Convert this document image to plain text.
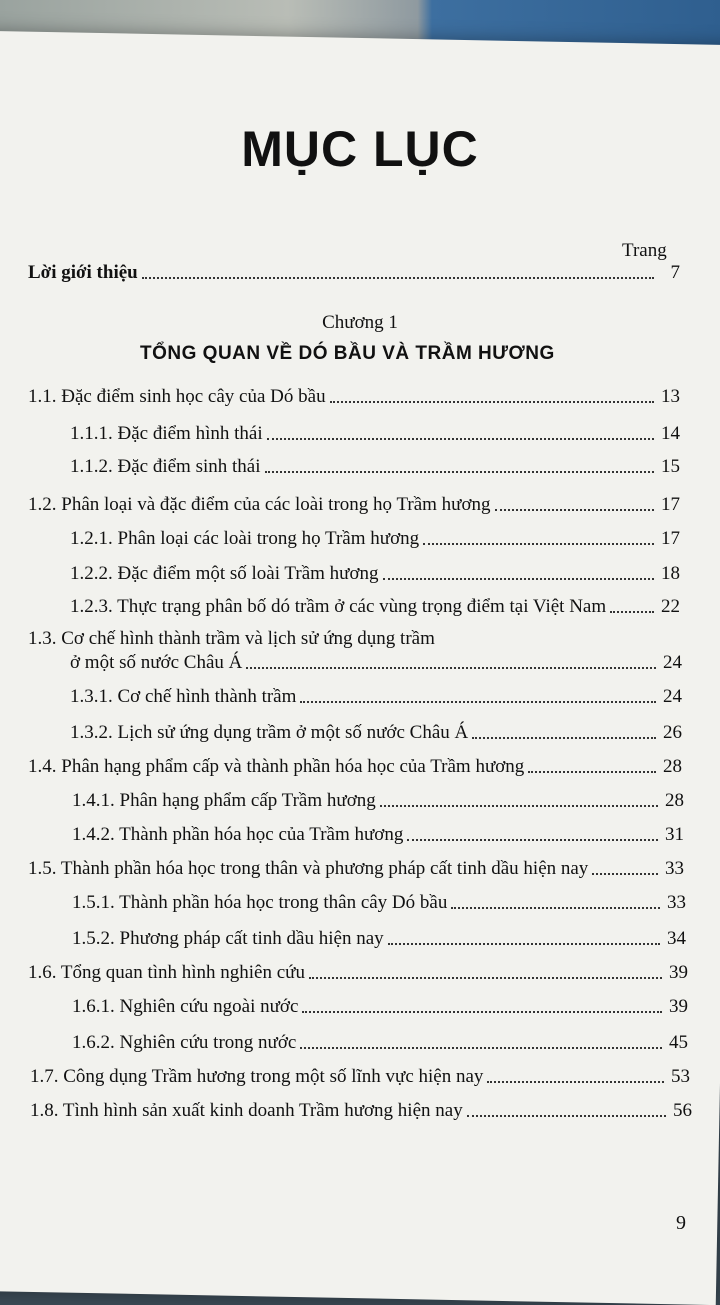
MỤC LỤC
Trang
Lời giới thiệu	7
Chương 1
TỔNG QUAN VỀ DÓ BẦU VÀ TRẦM HƯƠNG
1.1. Đặc điểm sinh học cây của Dó bầu	13
1.1.1. Đặc điểm hình thái	14
1.1.2. Đặc điểm sinh thái	15
1.2. Phân loại và đặc điểm của các loài trong họ Trầm hương	17
1.2.1. Phân loại các loài trong họ Trầm hương	17
1.2.2. Đặc điểm một số loài Trầm hương	18
1.2.3. Thực trạng phân bố dó trầm ở các vùng trọng điểm tại Việt Nam	22
1.3. Cơ chế hình thành trầm và lịch sử ứng dụng trầm
ở một số nước Châu Á	24
1.3.1. Cơ chế hình thành trầm	24
1.3.2. Lịch sử ứng dụng trầm ở một số nước Châu Á	26
1.4. Phân hạng phẩm cấp và thành phần hóa học của Trầm hương	28
1.4.1. Phân hạng phẩm cấp Trầm hương	28
1.4.2. Thành phần hóa học của Trầm hương	31
1.5. Thành phần hóa học trong thân và phương pháp cất tinh dầu hiện nay	33
1.5.1. Thành phần hóa học trong thân cây Dó bầu	33
1.5.2. Phương pháp cất tinh dầu hiện nay	34
1.6. Tổng quan tình hình nghiên cứu	39
1.6.1. Nghiên cứu ngoài nước	39
1.6.2. Nghiên cứu trong nước	45
1.7. Công dụng Trầm hương trong một số lĩnh vực hiện nay	53
1.8. Tình hình sản xuất kinh doanh Trầm hương hiện nay	56
9
